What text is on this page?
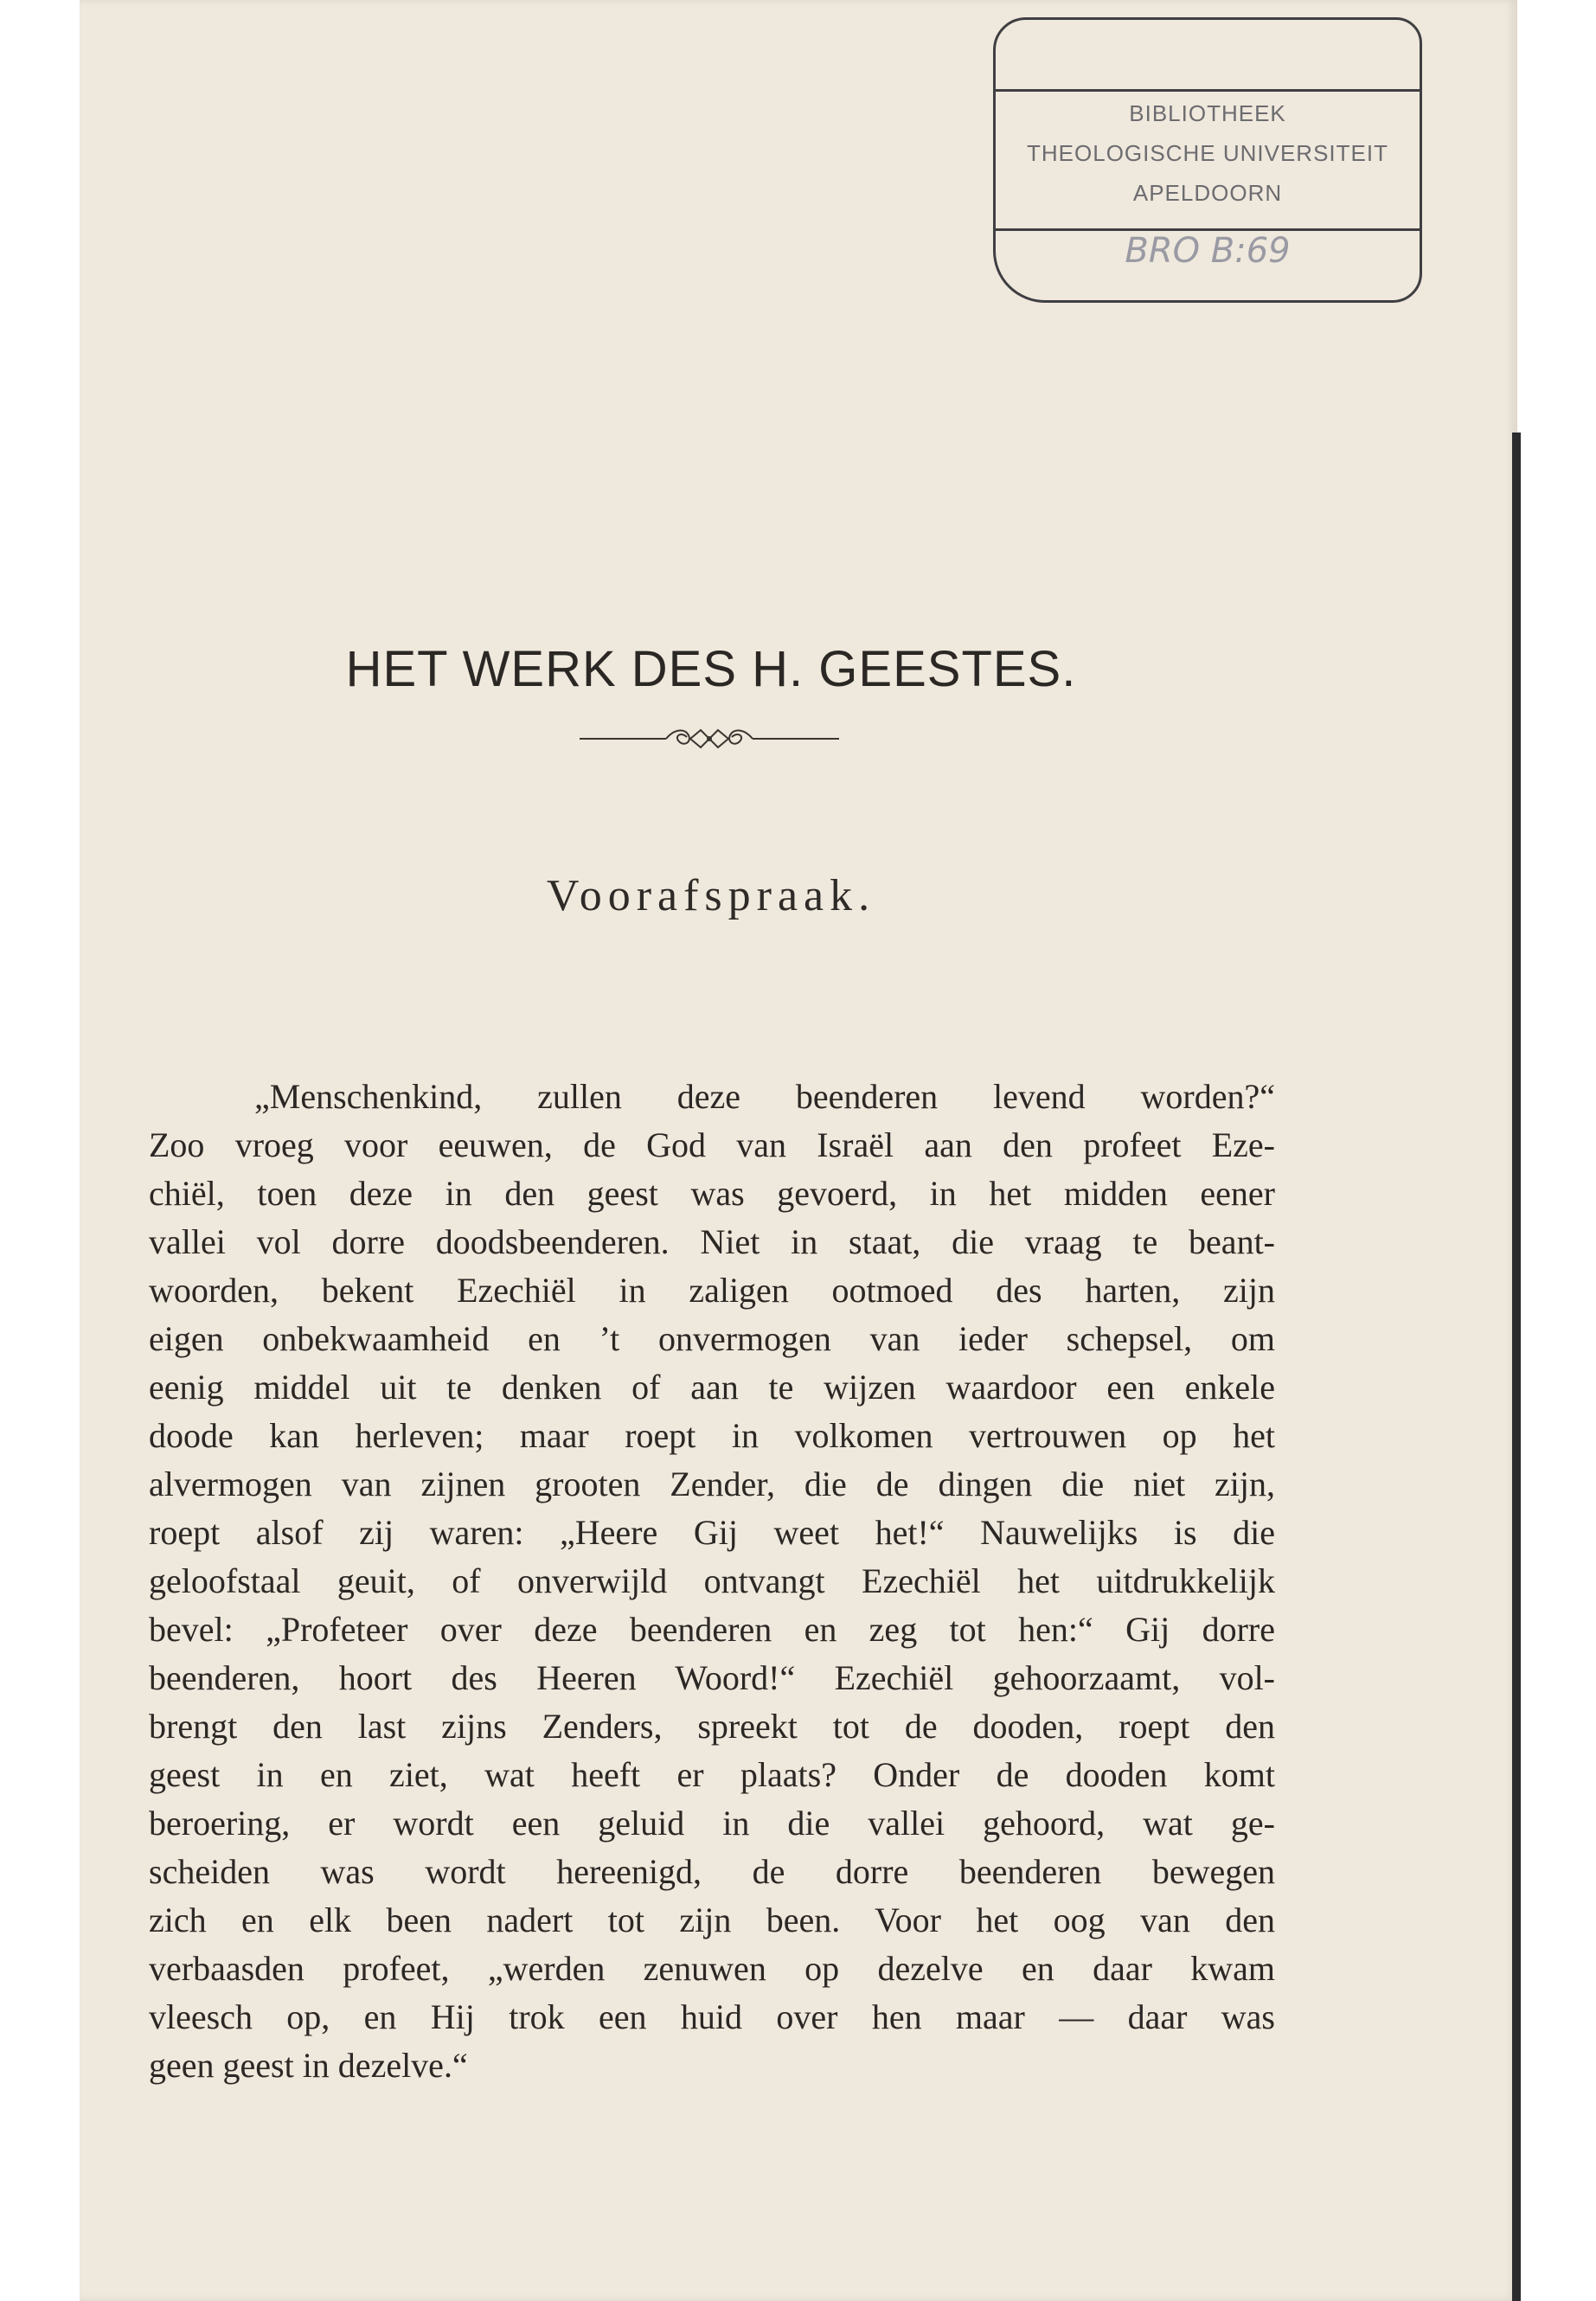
BIBLIOTHEEK
THEOLOGISCHE UNIVERSITEIT
APELDOORN
BRO B:69
HET WERK DES H. GEESTES.
Voorafspraak.
„Menschenkind, zullen deze beenderen levend worden?“
Zoo vroeg voor eeuwen, de God van Israël aan den profeet Eze-
chiël, toen deze in den geest was gevoerd, in het midden eener
vallei vol dorre doodsbeenderen. Niet in staat, die vraag te beant-
woorden, bekent Ezechiël in zaligen ootmoed des harten, zijn
eigen onbekwaamheid en ’t onvermogen van ieder schepsel, om
eenig middel uit te denken of aan te wijzen waardoor een enkele
doode kan herleven; maar roept in volkomen vertrouwen op het
alvermogen van zijnen grooten Zender, die de dingen die niet zijn,
roept alsof zij waren: „Heere Gij weet het!“ Nauwelijks is die
geloofstaal geuit, of onverwijld ontvangt Ezechiël het uitdrukkelijk
bevel: „Profeteer over deze beenderen en zeg tot hen:“ Gij dorre
beenderen, hoort des Heeren Woord!“ Ezechiël gehoorzaamt, vol-
brengt den last zijns Zenders, spreekt tot de dooden, roept den
geest in en ziet, wat heeft er plaats? Onder de dooden komt
beroering, er wordt een geluid in die vallei gehoord, wat ge-
scheiden was wordt hereenigd, de dorre beenderen bewegen
zich en elk been nadert tot zijn been. Voor het oog van den
verbaasden profeet, „werden zenuwen op dezelve en daar kwam
vleesch op, en Hij trok een huid over hen maar — daar was
geen geest in dezelve.“
